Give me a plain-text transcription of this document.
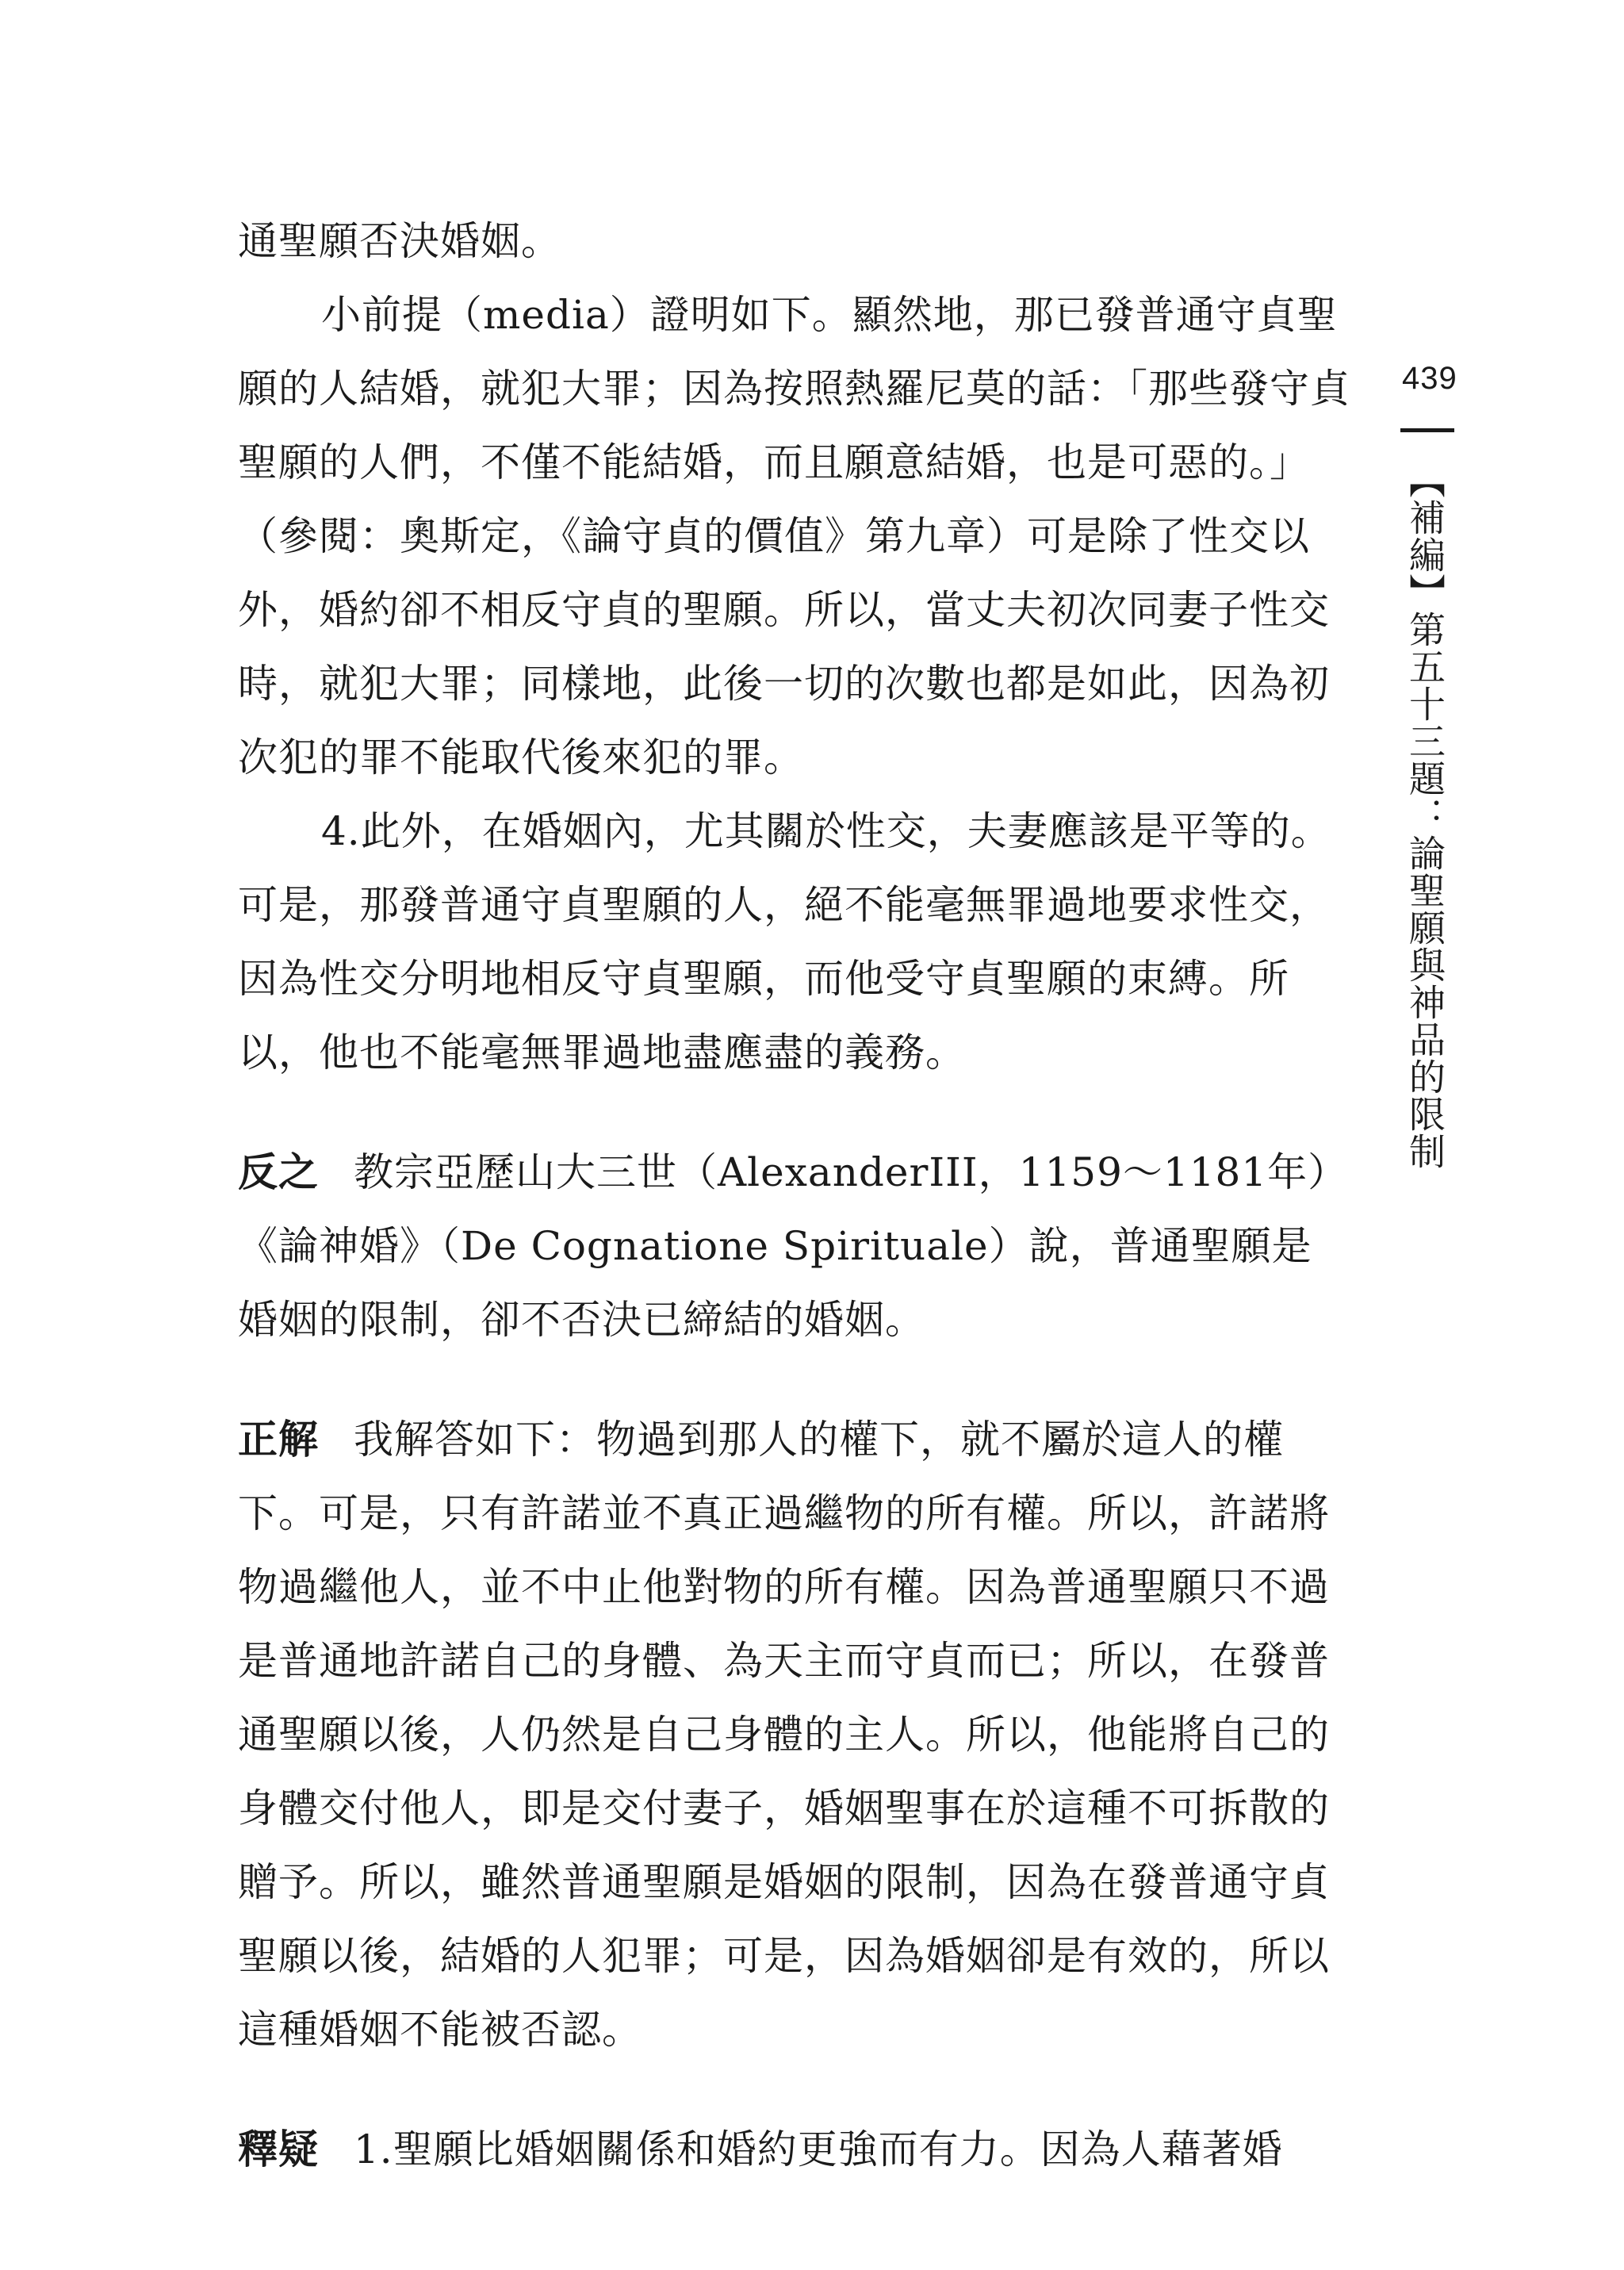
通聖願否決婚姻。

小前提（media）證明如下。顯然地，那已發普通守貞聖願的人結婚，就犯大罪；因為按照熱羅尼莫的話：「那些發守貞聖願的人們，不僅不能結婚，而且願意結婚，也是可惡的。」（參閱：奧斯定，《論守貞的價值》第九章）可是除了性交以外，婚約卻不相反守貞的聖願。所以，當丈夫初次同妻子性交時，就犯大罪；同樣地，此後一切的次數也都是如此，因為初次犯的罪不能取代後來犯的罪。

4.此外，在婚姻內，尤其關於性交，夫妻應該是平等的。可是，那發普通守貞聖願的人，絕不能毫無罪過地要求性交，因為性交分明地相反守貞聖願，而他受守貞聖願的束縛。所以，他也不能毫無罪過地盡應盡的義務。

反之 教宗亞歷山大三世（AlexanderIII，1159～1181年）《論神婚》（De Cognatione Spirituale）說，普通聖願是婚姻的限制，卻不否決已締結的婚姻。

正解 我解答如下：物過到那人的權下，就不屬於這人的權下。可是，只有許諾並不真正過繼物的所有權。所以，許諾將物過繼他人，並不中止他對物的所有權。因為普通聖願只不過是普通地許諾自己的身體、為天主而守貞而已；所以，在發普通聖願以後，人仍然是自己身體的主人。所以，他能將自己的身體交付他人，即是交付妻子，婚姻聖事在於這種不可拆散的贈予。所以，雖然普通聖願是婚姻的限制，因為在發普通守貞聖願以後，結婚的人犯罪；可是，因為婚姻卻是有效的，所以這種婚姻不能被否認。

釋疑 1.聖願比婚姻關係和婚約更強而有力。因為人藉著婚

439
【補編】第五十三題：論聖願與神品的限制
